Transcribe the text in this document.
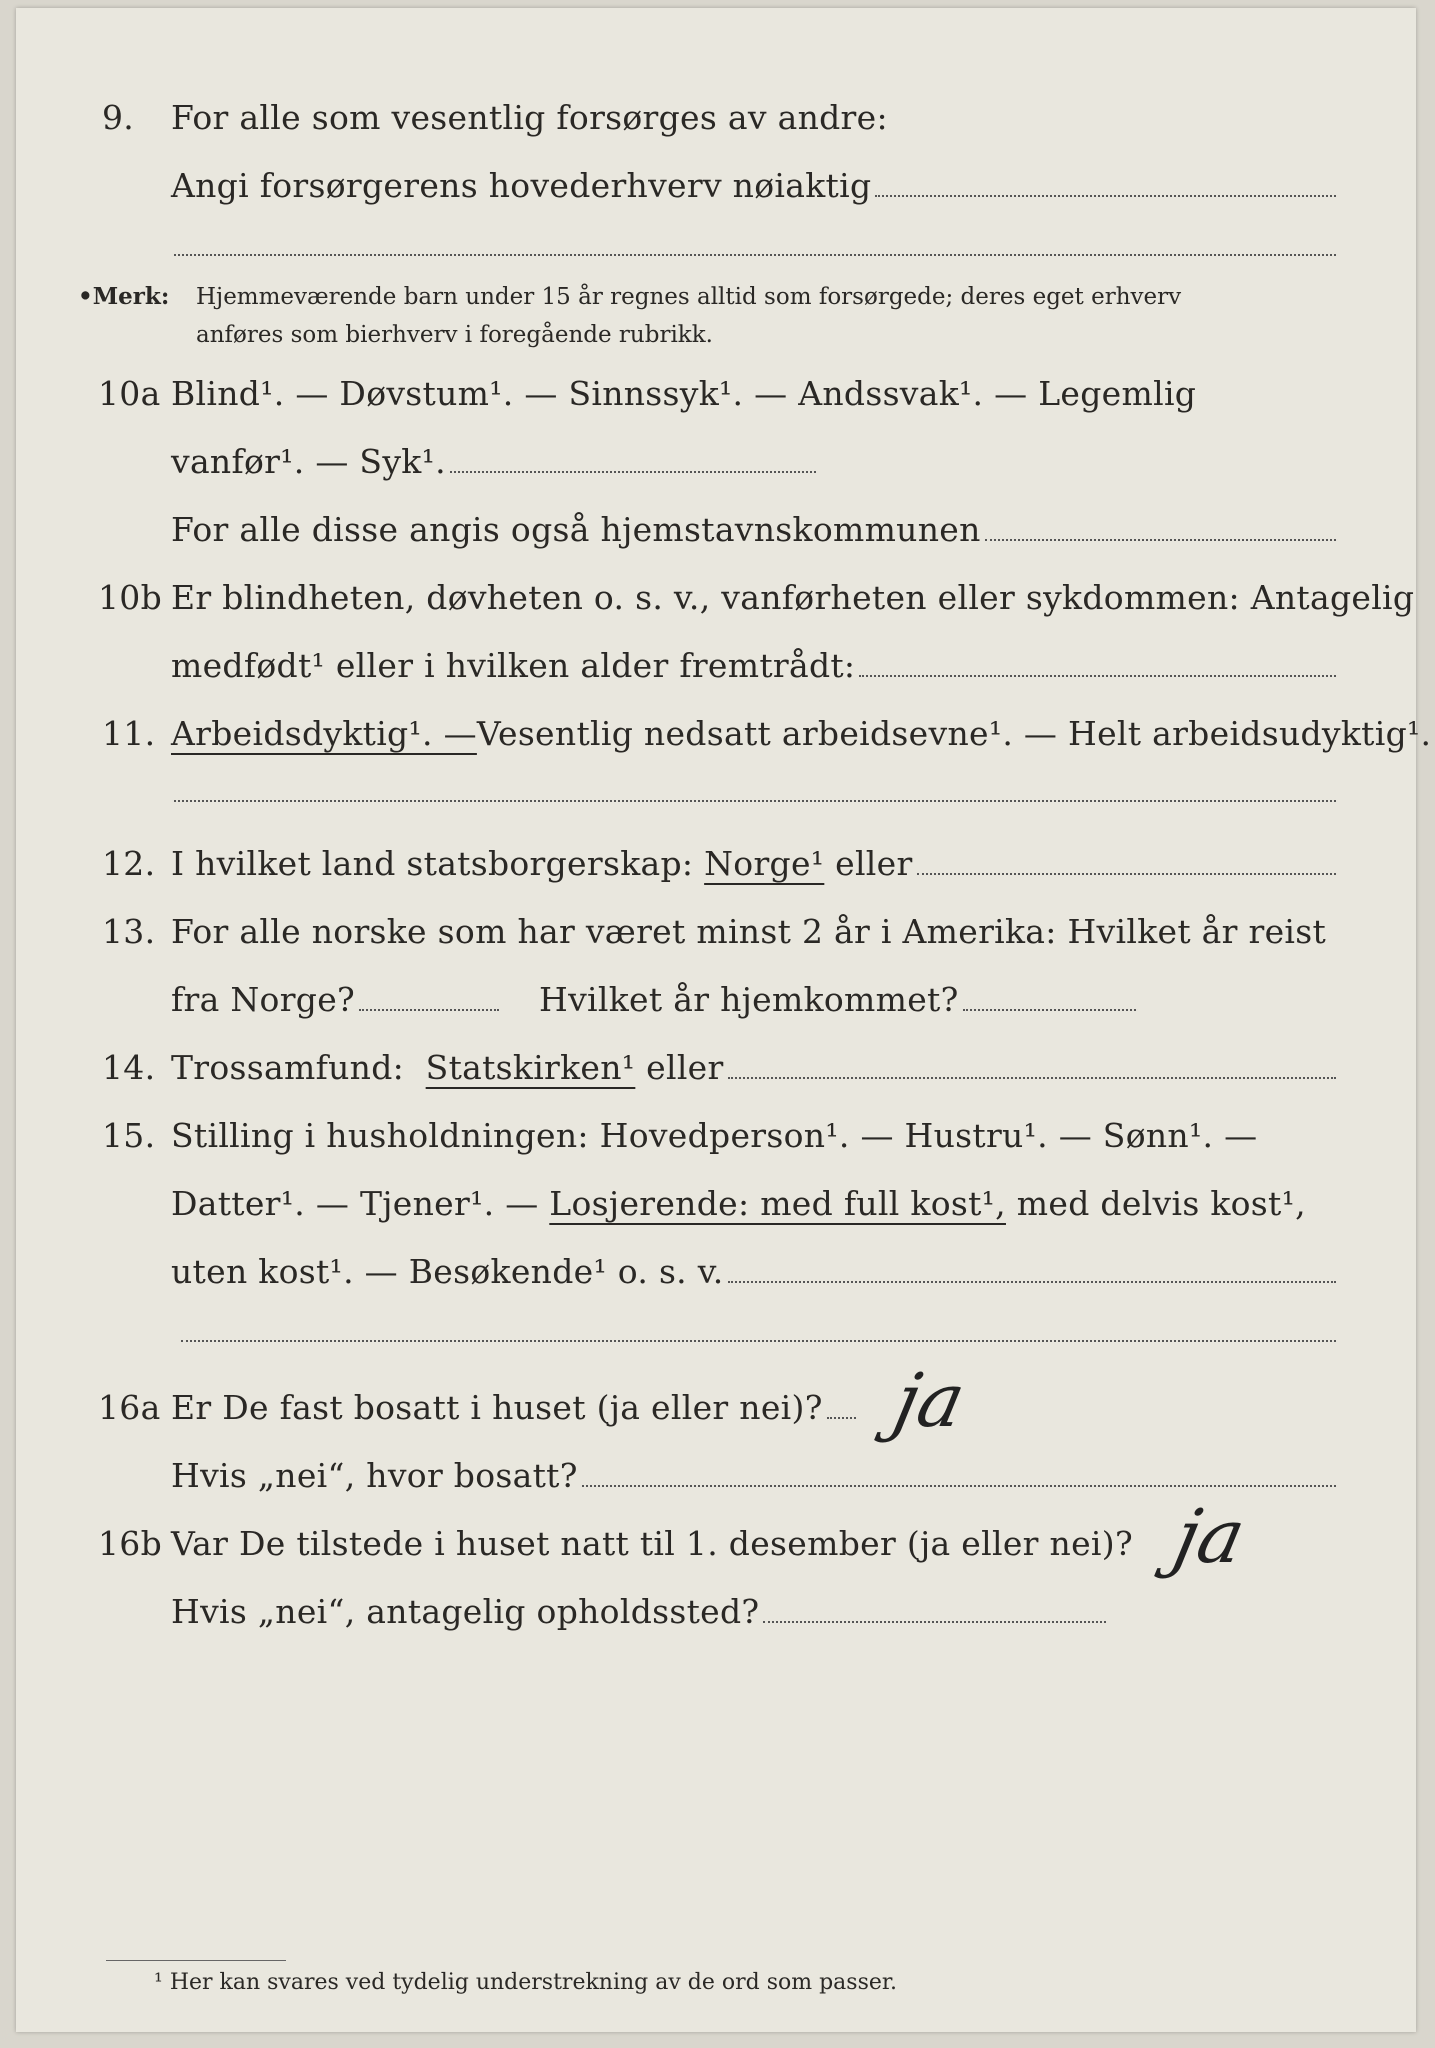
9.	For alle som vesentlig forsørges av andre:
Angi forsørgerens hovederhverv nøiaktig
•Merk: Hjemmeværende barn under 15 år regnes alltid som forsørgede; deres eget erhverv
anføres som bierhverv i foregående rubrikk.
10a Blind¹. — Døvstum¹. — Sinnssyk¹. — Andssvak¹. — Legemlig
vanfør¹. — Syk¹.
For alle disse angis også hjemstavnskommunen
10b Er blindheten, døvheten o. s. v., vanførheten eller sykdommen: Antagelig
medfødt¹ eller i hvilken alder fremtrådt:
11. Arbeidsdyktig¹. — Vesentlig nedsatt arbeidsevne¹. — Helt arbeidsudyktig¹.
12. I hvilket land statsborgerskap:
Norge¹
eller
13. For alle norske som har været minst 2 år i Amerika: Hvilket år reist
fra Norge?	Hvilket år hjemkommet?
14. Trossamfund:
Statskirken¹
eller
15. Stilling i husholdningen: Hovedperson¹. — Hustru¹. — Sønn¹. —
Datter¹. — Tjener¹. —
Losjerende: med full kost¹,
med delvis kost¹,
uten kost¹. — Besøkende¹ o. s. v.
16a Er De fast bosatt i huset (ja eller nei)? ja
Hvis „nei“, hvor bosatt?
16b Var De tilstede i huset natt til 1. desember (ja eller nei)? ja
Hvis „nei“, antagelig opholdssted?
¹ Her kan svares ved tydelig understrekning av de ord som passer.
